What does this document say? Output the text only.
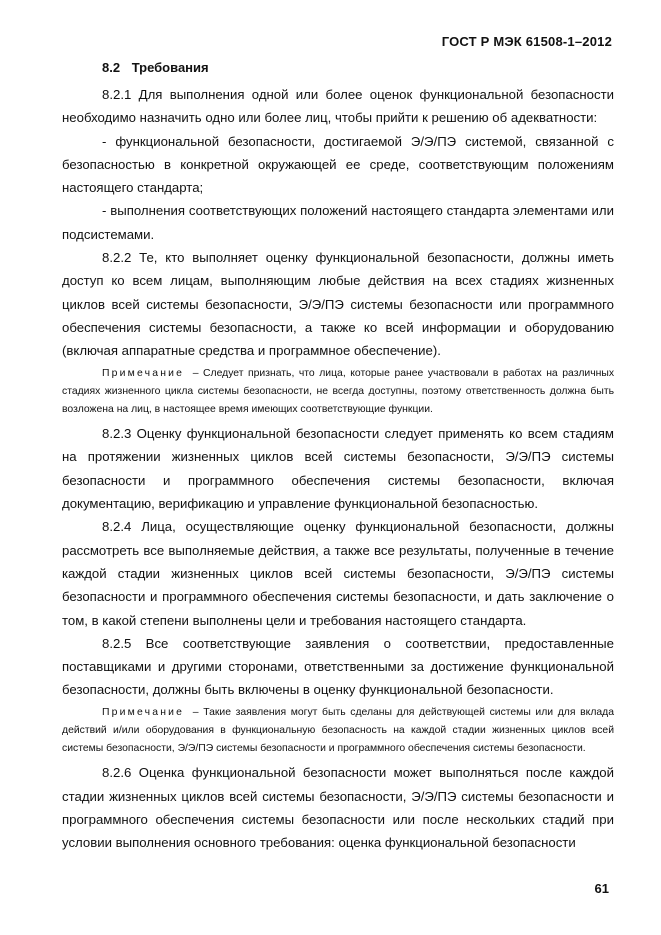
ГОСТ Р МЭК 61508-1–2012
8.2 Требования

8.2.1 Для выполнения одной или более оценок функциональной безопасности необходимо назначить одно или более лиц, чтобы прийти к решению об адекватности:

- функциональной безопасности, достигаемой Э/Э/ПЭ системой, связанной с безопасностью в конкретной окружающей ее среде, соответствующим положениям настоящего стандарта;

- выполнения соответствующих положений настоящего стандарта элементами или подсистемами.

8.2.2 Те, кто выполняет оценку функциональной безопасности, должны иметь доступ ко всем лицам, выполняющим любые действия на всех стадиях жизненных циклов всей системы безопасности, Э/Э/ПЭ системы безопасности или программного обеспечения системы безопасности, а также ко всей информации и оборудованию (включая аппаратные средства и программное обеспечение).

Примечание – Следует признать, что лица, которые ранее участвовали в работах на различных стадиях жизненного цикла системы безопасности, не всегда доступны, поэтому ответственность должна быть возложена на лиц, в настоящее время имеющих соответствующие функции.

8.2.3 Оценку функциональной безопасности следует применять ко всем стадиям на протяжении жизненных циклов всей системы безопасности, Э/Э/ПЭ системы безопасности и программного обеспечения системы безопасности, включая документацию, верификацию и управление функциональной безопасностью.

8.2.4 Лица, осуществляющие оценку функциональной безопасности, должны рассмотреть все выполняемые действия, а также все результаты, полученные в течение каждой стадии жизненных циклов всей системы безопасности, Э/Э/ПЭ системы безопасности и программного обеспечения системы безопасности, и дать заключение о том, в какой степени выполнены цели и требования настоящего стандарта.

8.2.5 Все соответствующие заявления о соответствии, предоставленные поставщиками и другими сторонами, ответственными за достижение функциональной безопасности, должны быть включены в оценку функциональной безопасности.

Примечание – Такие заявления могут быть сделаны для действующей системы или для вклада действий и/или оборудования в функциональную безопасность на каждой стадии жизненных циклов всей системы безопасности, Э/Э/ПЭ системы безопасности и программного обеспечения системы безопасности.

8.2.6 Оценка функциональной безопасности может выполняться после каждой стадии жизненных циклов всей системы безопасности, Э/Э/ПЭ системы безопасности и программного обеспечения системы безопасности или после нескольких стадий при условии выполнения основного требования: оценка функциональной безопасности

61
